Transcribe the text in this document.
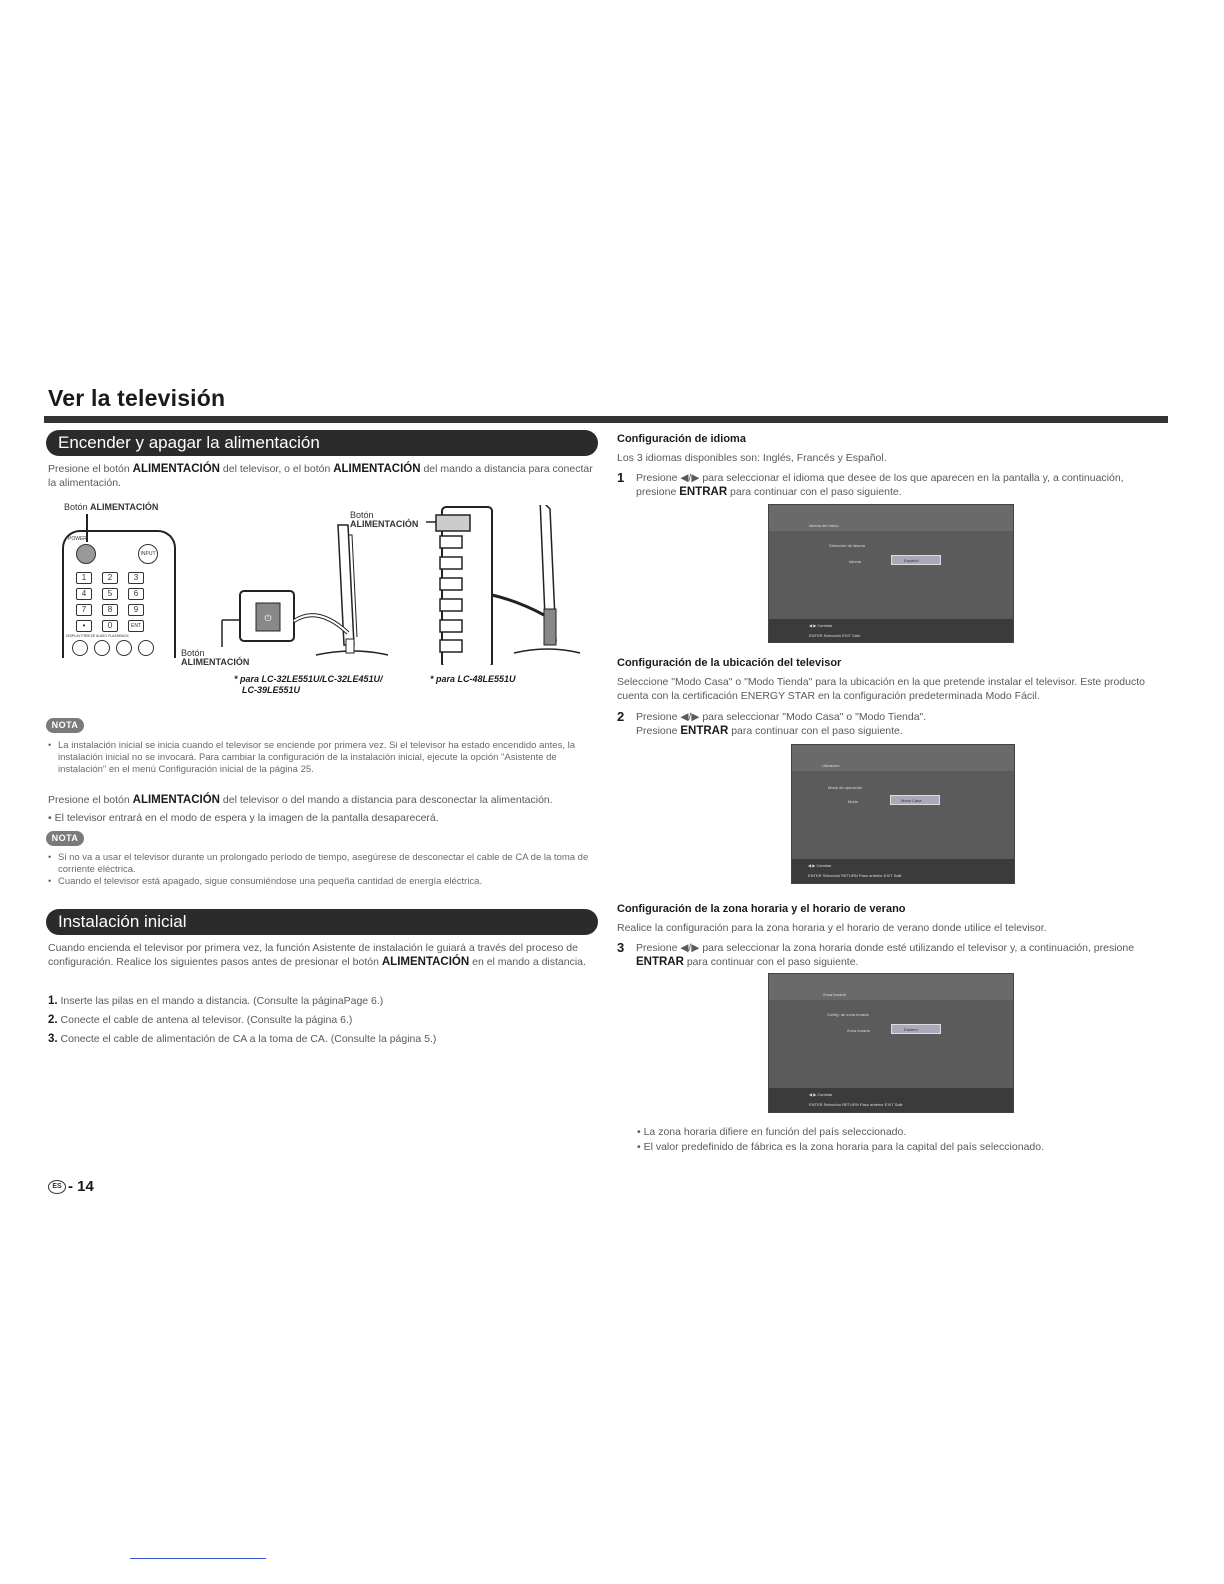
Ver la televisión
Encender y apagar la alimentación
Presione el botón ALIMENTACIÓN del televisor, o el botón ALIMENTACIÓN del mando a distancia para conectar la alimentación.
Botón ALIMENTACIÓN
POWER
INPUT
1	2	3
4	5	6
7	8	9
•	0	ENT
DISPLAY FREEZE AUDIO FLASHBACK
⏻
Botón
ALIMENTACIÓN
Botón
ALIMENTACIÓN
* para LC-32LE551U/LC-32LE451U/
LC-39LE551U
* para LC-48LE551U
NOTA
• La instalación inicial se inicia cuando el televisor se enciende por primera vez. Si el televisor ha estado encendido antes, la instalación inicial no se invocará. Para cambiar la configuración de la instalación inicial, ejecute la opción "Asistente de instalación" en el menú Configuración inicial de la página 25.
Presione el botón ALIMENTACIÓN del televisor o del mando a distancia para desconectar la alimentación.
• El televisor entrará en el modo de espera y la imagen de la pantalla desaparecerá.
NOTA
• Si no va a usar el televisor durante un prolongado período de tiempo, asegúrese de desconectar el cable de CA de la toma de corriente eléctrica.
• Cuando el televisor está apagado, sigue consumiéndose una pequeña cantidad de energía eléctrica.
Instalación inicial
Cuando encienda el televisor por primera vez, la función Asistente de instalación le guiará a través del proceso de configuración. Realice los siguientes pasos antes de presionar el botón ALIMENTACIÓN en el mando a distancia.
1. Inserte las pilas en el mando a distancia. (Consulte la páginaPage 6.)
2. Conecte el cable de antena al televisor. (Consulte la página 6.)
3. Conecte el cable de alimentación de CA a la toma de CA. (Consulte la página 5.)
Configuración de idioma
Los 3 idiomas disponibles son: Inglés, Francés y Español.
1 Presione ◀/▶ para seleccionar el idioma que desee de los que aparecen en la pantalla y, a continuación, presione ENTRAR para continuar con el paso siguiente.
Idioma del menú
Selección de idioma
Idioma	Español
◀ ▶ Cambiar
ENTER Selección EXIT Salir
Configuración de la ubicación del televisor
Seleccione "Modo Casa" o "Modo Tienda" para la ubicación en la que pretende instalar el televisor. Este producto cuenta con la certificación ENERGY STAR en la configuración predeterminada Modo Fácil.
2 Presione ◀/▶ para seleccionar "Modo Casa" o "Modo Tienda".
Presione ENTRAR para continuar con el paso siguiente.
Ubicación
Modo de operación
Modo	Modo Casa
◀ ▶ Cambiar
ENTER Selección RETURN Paso anterior EXIT Salir
Configuración de la zona horaria y el horario de verano
Realice la configuración para la zona horaria y el horario de verano donde utilice el televisor.
3 Presione ◀/▶ para seleccionar la zona horaria donde esté utilizando el televisor y, a continuación, presione ENTRAR para continuar con el paso siguiente.
Zona horaria
Config. de zona horaria
Zona horaria	Eastern
◀ ▶ Cambiar
ENTER Selección RETURN Paso anterior EXIT Salir
• La zona horaria difiere en función del país seleccionado.
• El valor predefinido de fábrica es la zona horaria para la capital del país seleccionado.
ES - 14
